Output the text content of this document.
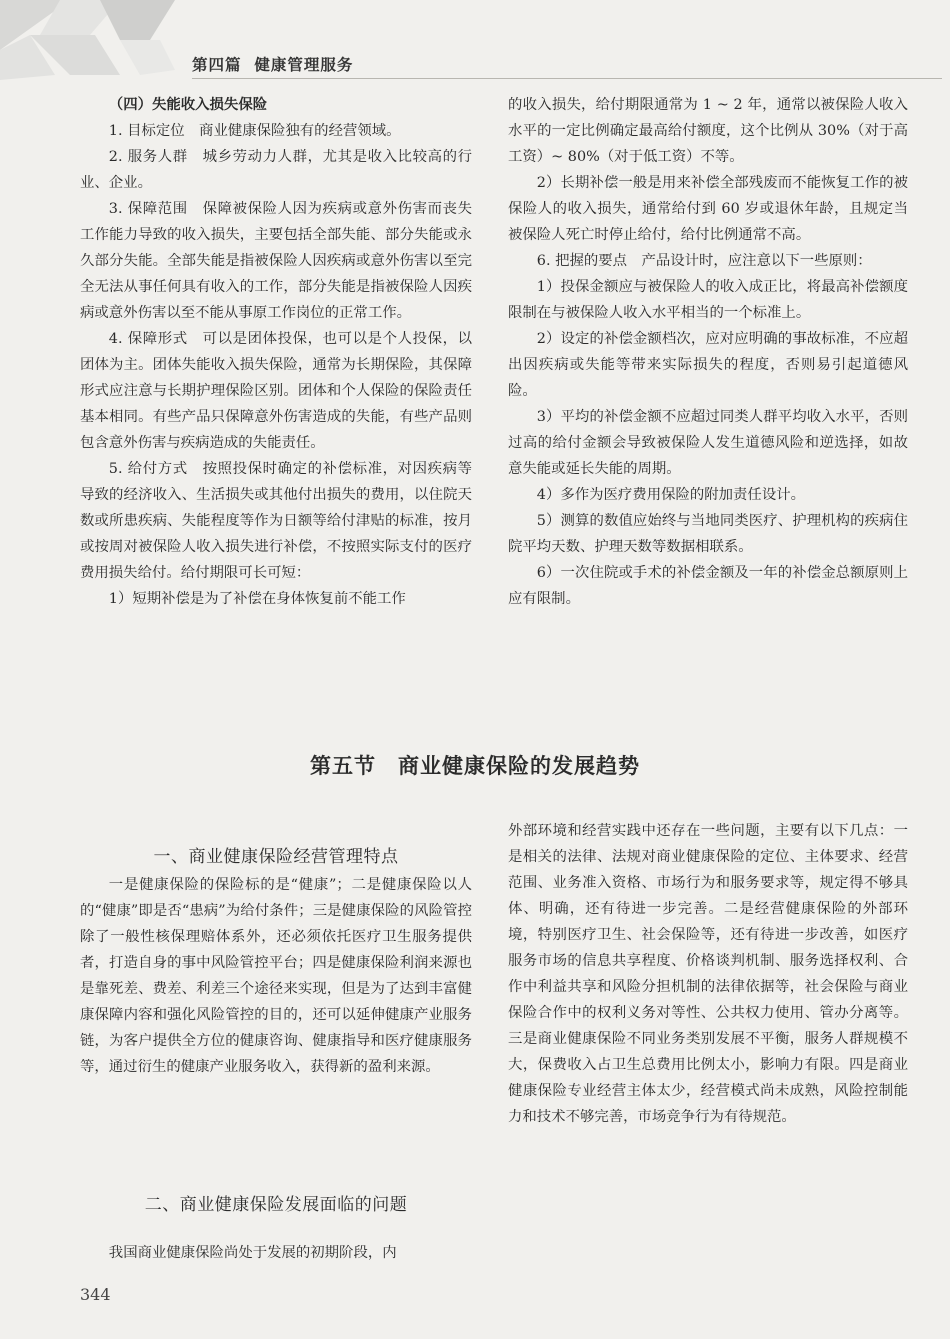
第四篇 健康管理服务
（四）失能收入损失保险

1. 目标定位　商业健康保险独有的经营领域。

2. 服务人群　城乡劳动力人群，尤其是收入比较高的行业、企业。

3. 保障范围　保障被保险人因为疾病或意外伤害而丧失工作能力导致的收入损失，主要包括全部失能、部分失能或永久部分失能。全部失能是指被保险人因疾病或意外伤害以至完全无法从事任何具有收入的工作，部分失能是指被保险人因疾病或意外伤害以至不能从事原工作岗位的正常工作。

4. 保障形式　可以是团体投保，也可以是个人投保，以团体为主。团体失能收入损失保险，通常为长期保险，其保障形式应注意与长期护理保险区别。团体和个人保险的保险责任基本相同。有些产品只保障意外伤害造成的失能，有些产品则包含意外伤害与疾病造成的失能责任。

5. 给付方式　按照投保时确定的补偿标准，对因疾病等导致的经济收入、生活损失或其他付出损失的费用，以住院天数或所患疾病、失能程度等作为日额等给付津贴的标准，按月或按周对被保险人收入损失进行补偿，不按照实际支付的医疗费用损失给付。给付期限可长可短：

1）短期补偿是为了补偿在身体恢复前不能工作

的收入损失，给付期限通常为 1 ~ 2 年，通常以被保险人收入水平的一定比例确定最高给付额度，这个比例从 30%（对于高工资）~ 80%（对于低工资）不等。

2）长期补偿一般是用来补偿全部残废而不能恢复工作的被保险人的收入损失，通常给付到 60 岁或退休年龄，且规定当被保险人死亡时停止给付，给付比例通常不高。

6. 把握的要点　产品设计时，应注意以下一些原则：

1）投保金额应与被保险人的收入成正比，将最高补偿额度限制在与被保险人收入水平相当的一个标准上。

2）设定的补偿金额档次，应对应明确的事故标准，不应超出因疾病或失能等带来实际损失的程度，否则易引起道德风险。

3）平均的补偿金额不应超过同类人群平均收入水平，否则过高的给付金额会导致被保险人发生道德风险和逆选择，如故意失能或延长失能的周期。

4）多作为医疗费用保险的附加责任设计。

5）测算的数值应始终与当地同类医疗、护理机构的疾病住院平均天数、护理天数等数据相联系。

6）一次住院或手术的补偿金额及一年的补偿金总额原则上应有限制。

第五节　商业健康保险的发展趋势
一、商业健康保险经营管理特点

一是健康保险的保险标的是“健康”；二是健康保险以人的“健康”即是否“患病”为给付条件；三是健康保险的风险管控除了一般性核保理赔体系外，还必须依托医疗卫生服务提供者，打造自身的事中风险管控平台；四是健康保险利润来源也是靠死差、费差、利差三个途径来实现，但是为了达到丰富健康保障内容和强化风险管控的目的，还可以延伸健康产业服务链，为客户提供全方位的健康咨询、健康指导和医疗健康服务等，通过衍生的健康产业服务收入，获得新的盈利来源。

二、商业健康保险发展面临的问题

我国商业健康保险尚处于发展的初期阶段，内

外部环境和经营实践中还存在一些问题，主要有以下几点：一是相关的法律、法规对商业健康保险的定位、主体要求、经营范围、业务准入资格、市场行为和服务要求等，规定得不够具体、明确，还有待进一步完善。二是经营健康保险的外部环境，特别医疗卫生、社会保险等，还有待进一步改善，如医疗服务市场的信息共享程度、价格谈判机制、服务选择权利、合作中利益共享和风险分担机制的法律依据等，社会保险与商业保险合作中的权利义务对等性、公共权力使用、管办分离等。三是商业健康保险不同业务类别发展不平衡，服务人群规模不大，保费收入占卫生总费用比例太小，影响力有限。四是商业健康保险专业经营主体太少，经营模式尚未成熟，风险控制能力和技术不够完善，市场竞争行为有待规范。

344
